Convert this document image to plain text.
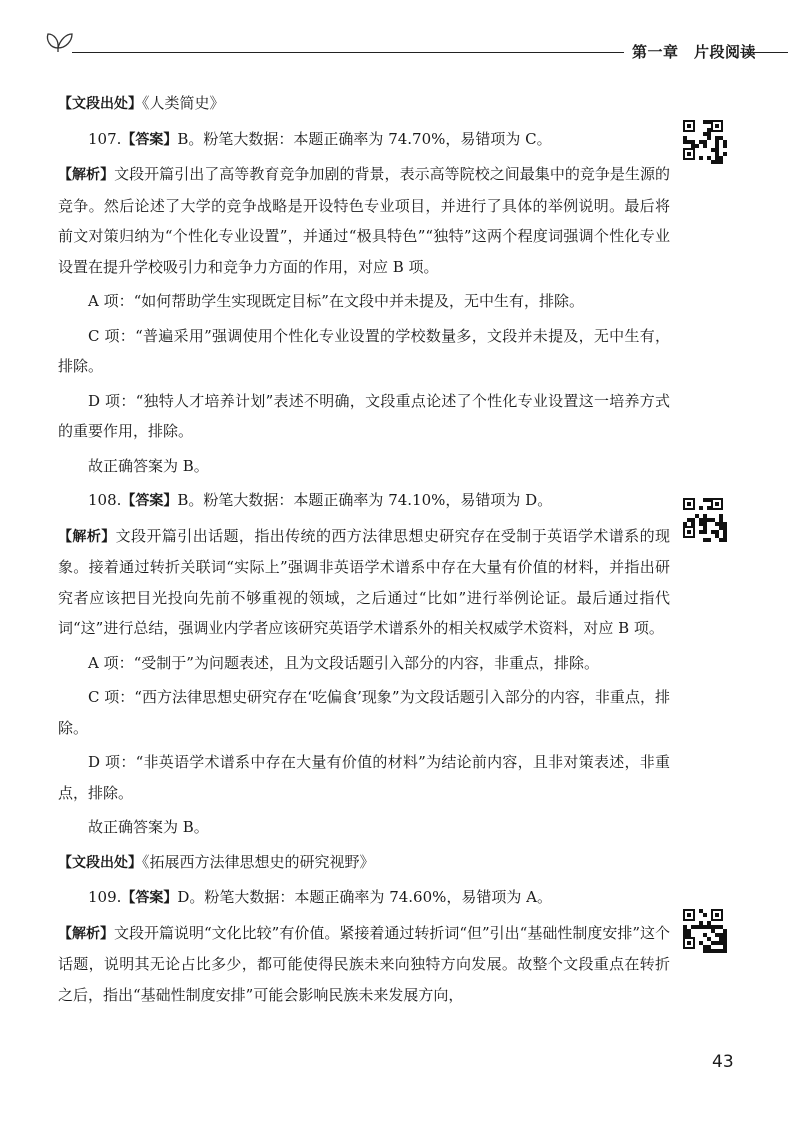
第一章　片段阅读

【文段出处】《人类简史》

107.【答案】B。粉笔大数据：本题正确率为 74.70%，易错项为 C。

【解析】文段开篇引出了高等教育竞争加剧的背景，表示高等院校之间最集中的竞争是生源的竞争。然后论述了大学的竞争战略是开设特色专业项目，并进行了具体的举例说明。最后将前文对策归纳为“个性化专业设置”，并通过“极具特色”“独特”这两个程度词强调个性化专业设置在提升学校吸引力和竞争力方面的作用，对应 B 项。

A 项：“如何帮助学生实现既定目标”在文段中并未提及，无中生有，排除。

C 项：“普遍采用”强调使用个性化专业设置的学校数量多，文段并未提及，无中生有，排除。

D 项：“独特人才培养计划”表述不明确，文段重点论述了个性化专业设置这一培养方式的重要作用，排除。

故正确答案为 B。

108.【答案】B。粉笔大数据：本题正确率为 74.10%，易错项为 D。

【解析】文段开篇引出话题，指出传统的西方法律思想史研究存在受制于英语学术谱系的现象。接着通过转折关联词“实际上”强调非英语学术谱系中存在大量有价值的材料，并指出研究者应该把目光投向先前不够重视的领域，之后通过“比如”进行举例论证。最后通过指代词“这”进行总结，强调业内学者应该研究英语学术谱系外的相关权威学术资料，对应 B 项。

A 项：“受制于”为问题表述，且为文段话题引入部分的内容，非重点，排除。

C 项：“西方法律思想史研究存在‘吃偏食’现象”为文段话题引入部分的内容，非重点，排除。

D 项：“非英语学术谱系中存在大量有价值的材料”为结论前内容，且非对策表述，非重点，排除。

故正确答案为 B。

【文段出处】《拓展西方法律思想史的研究视野》

109.【答案】D。粉笔大数据：本题正确率为 74.60%，易错项为 A。

【解析】文段开篇说明“文化比较”有价值。紧接着通过转折词“但”引出“基础性制度安排”这个话题，说明其无论占比多少，都可能使得民族未来向独特方向发展。故整个文段重点在转折之后，指出“基础性制度安排”可能会影响民族未来发展方向，

43
